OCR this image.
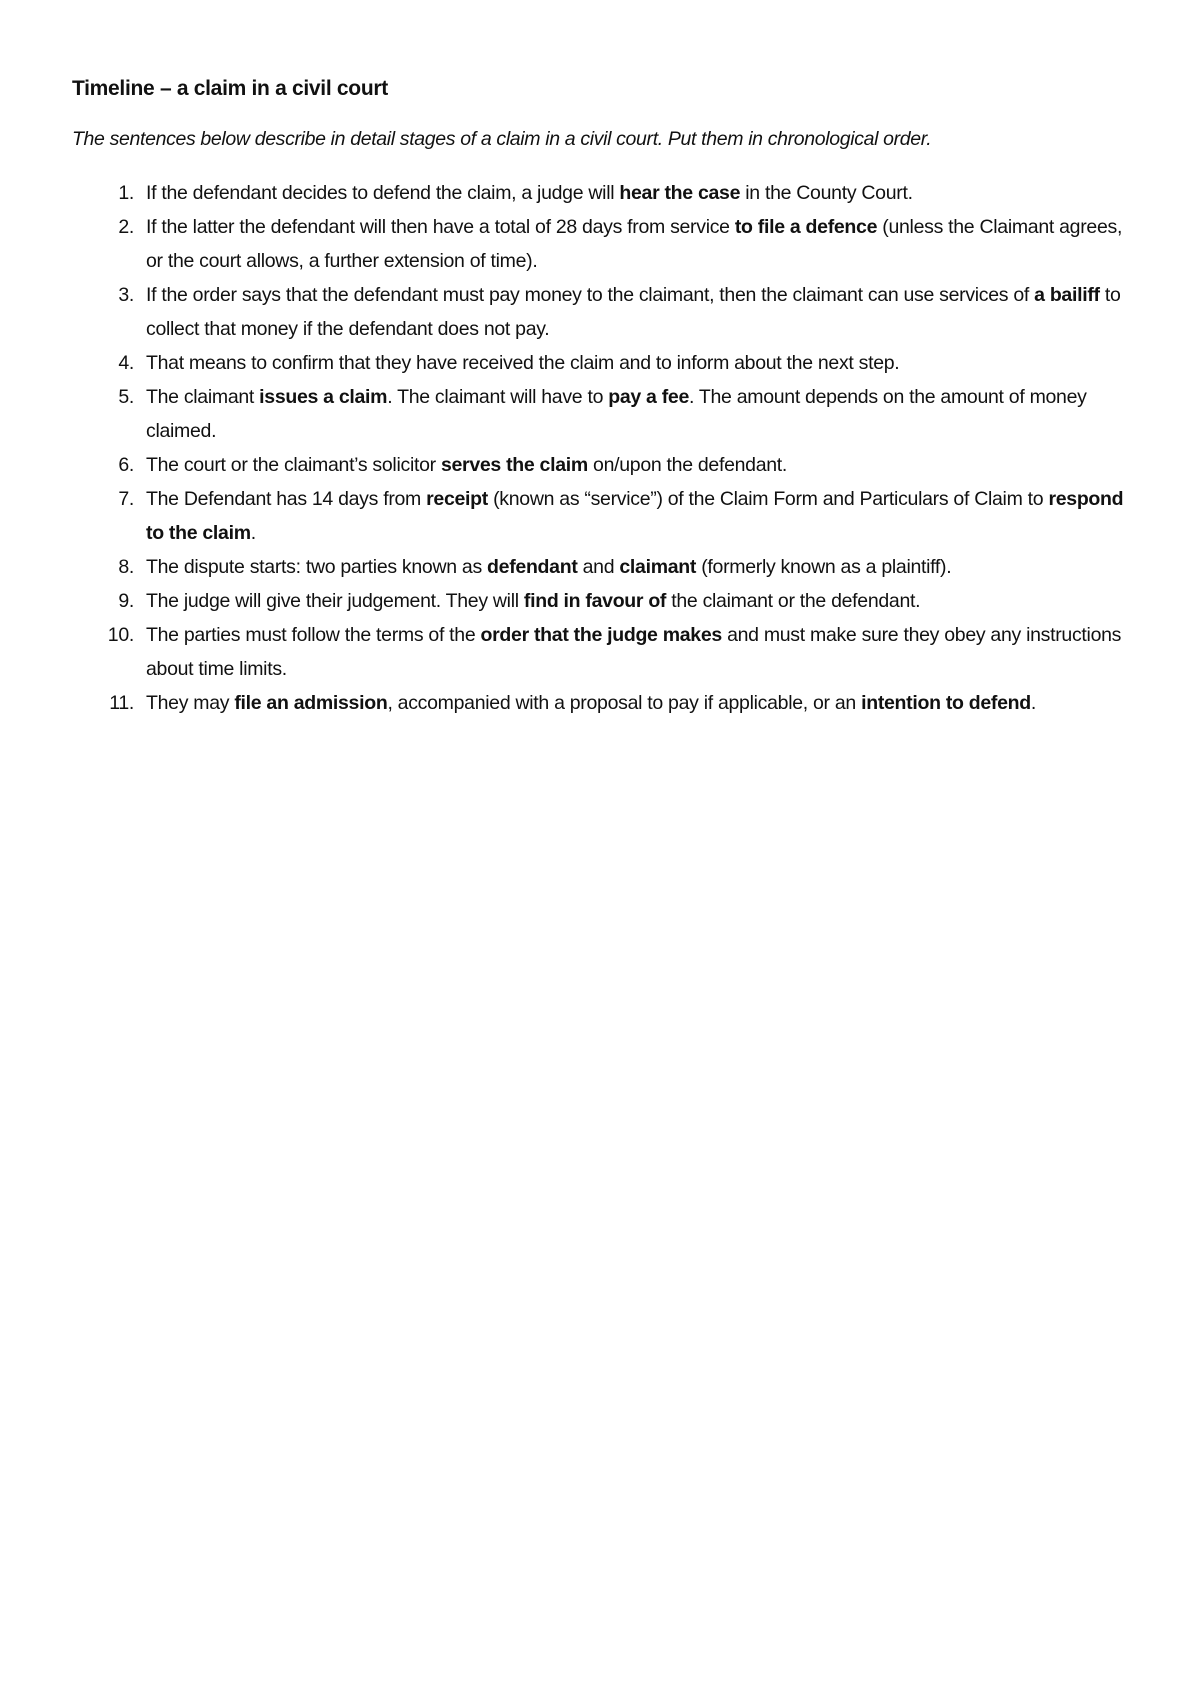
Timeline – a claim in a civil court

The sentences below describe in detail stages of a claim in a civil court. Put them in chronological order.

1. If the defendant decides to defend the claim, a judge will hear the case in the County Court.
2. If the latter the defendant will then have a total of 28 days from service to file a defence (unless the Claimant agrees, or the court allows, a further extension of time).
3. If the order says that the defendant must pay money to the claimant, then the claimant can use services of a bailiff to collect that money if the defendant does not pay.
4. That means to confirm that they have received the claim and to inform about the next step.
5. The claimant issues a claim. The claimant will have to pay a fee. The amount depends on the amount of money claimed.
6. The court or the claimant’s solicitor serves the claim on/upon the defendant.
7. The Defendant has 14 days from receipt (known as “service”) of the Claim Form and Particulars of Claim to respond to the claim.
8. The dispute starts: two parties known as defendant and claimant (formerly known as a plaintiff).
9. The judge will give their judgement. They will find in favour of the claimant or the defendant.
10. The parties must follow the terms of the order that the judge makes and must make sure they obey any instructions about time limits.
11. They may file an admission, accompanied with a proposal to pay if applicable, or an intention to defend.
